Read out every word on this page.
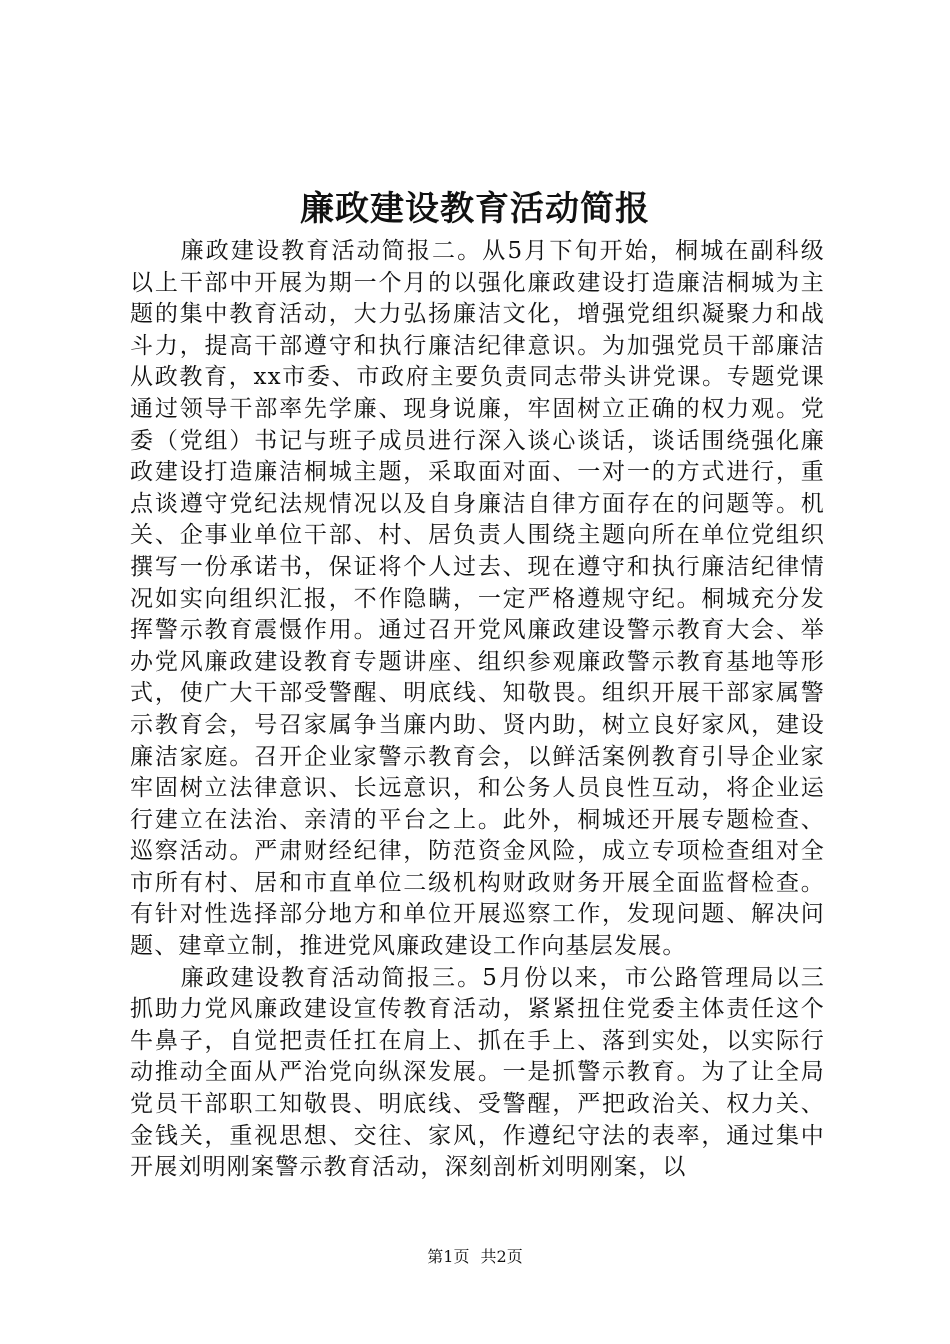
廉政建设教育活动简报

廉政建设教育活动简报二。从5月下旬开始，桐城在副科级以上干部中开展为期一个月的以强化廉政建设打造廉洁桐城为主题的集中教育活动，大力弘扬廉洁文化，增强党组织凝聚力和战斗力，提高干部遵守和执行廉洁纪律意识。为加强党员干部廉洁从政教育，xx市委、市政府主要负责同志带头讲党课。专题党课通过领导干部率先学廉、现身说廉，牢固树立正确的权力观。党委（党组）书记与班子成员进行深入谈心谈话，谈话围绕强化廉政建设打造廉洁桐城主题，采取面对面、一对一的方式进行，重点谈遵守党纪法规情况以及自身廉洁自律方面存在的问题等。机关、企事业单位干部、村、居负责人围绕主题向所在单位党组织撰写一份承诺书，保证将个人过去、现在遵守和执行廉洁纪律情况如实向组织汇报，不作隐瞒，一定严格遵规守纪。桐城充分发挥警示教育震慑作用。通过召开党风廉政建设警示教育大会、举办党风廉政建设教育专题讲座、组织参观廉政警示教育基地等形式，使广大干部受警醒、明底线、知敬畏。组织开展干部家属警示教育会，号召家属争当廉内助、贤内助，树立良好家风，建设廉洁家庭。召开企业家警示教育会，以鲜活案例教育引导企业家牢固树立法律意识、长远意识，和公务人员良性互动，将企业运行建立在法治、亲清的平台之上。此外，桐城还开展专题检查、巡察活动。严肃财经纪律，防范资金风险，成立专项检查组对全市所有村、居和市直单位二级机构财政财务开展全面监督检查。有针对性选择部分地方和单位开展巡察工作，发现问题、解决问题、建章立制，推进党风廉政建设工作向基层发展。

廉政建设教育活动简报三。5月份以来，市公路管理局以三抓助力党风廉政建设宣传教育活动，紧紧扭住党委主体责任这个牛鼻子，自觉把责任扛在肩上、抓在手上、落到实处，以实际行动推动全面从严治党向纵深发展。一是抓警示教育。为了让全局党员干部职工知敬畏、明底线、受警醒，严把政治关、权力关、金钱关，重视思想、交往、家风，作遵纪守法的表率，通过集中开展刘明刚案警示教育活动，深刻剖析刘明刚案，以

第1页 共2页
